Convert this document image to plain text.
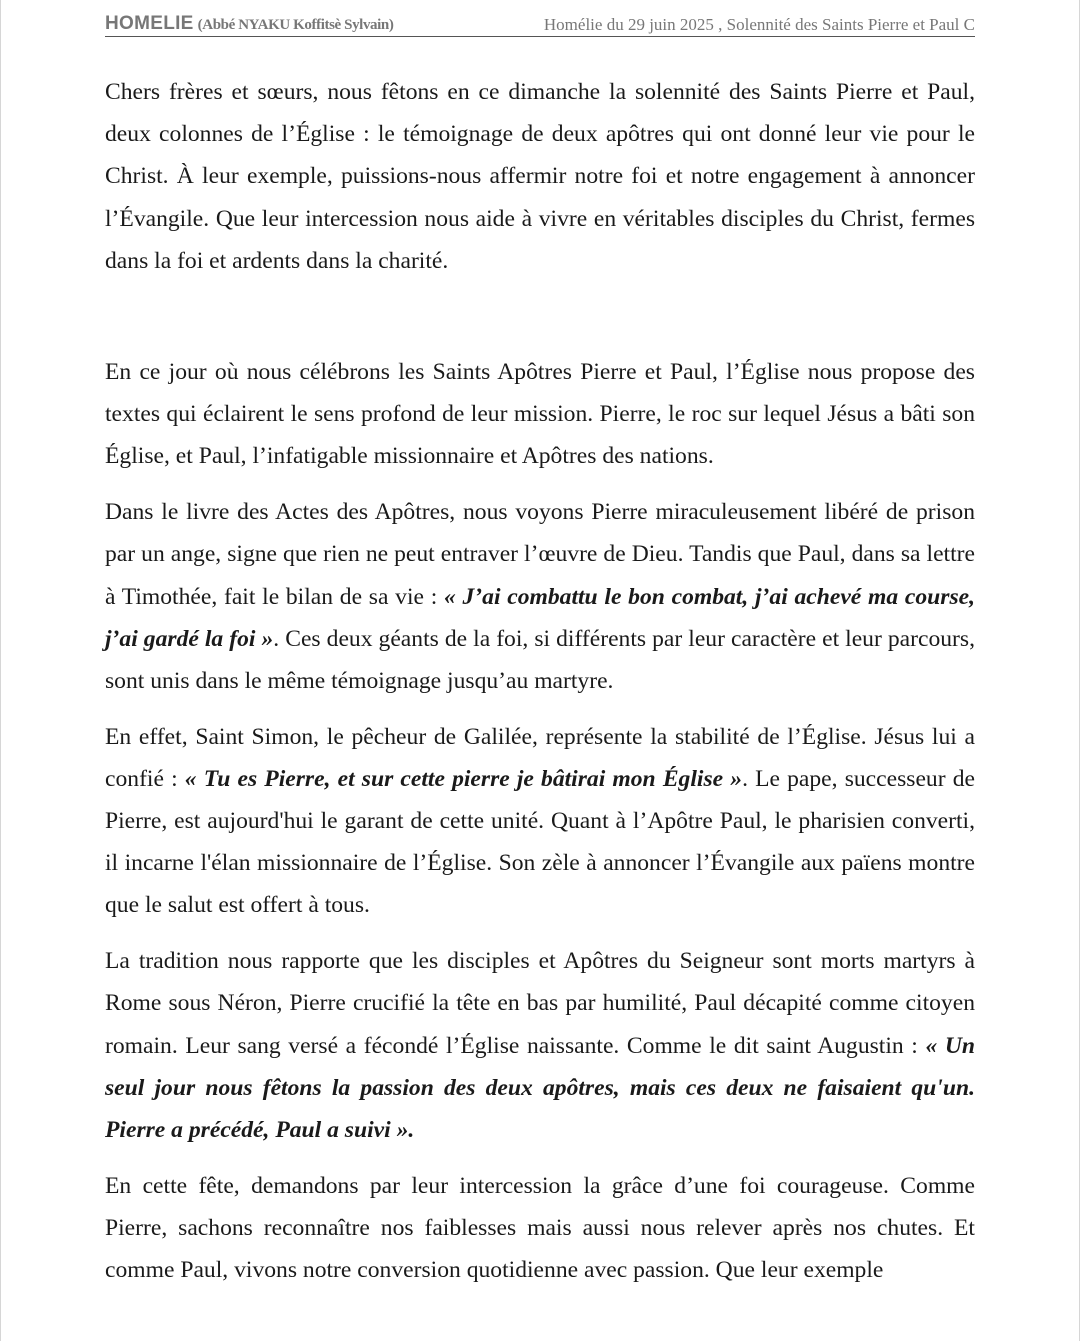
HOMELIE (Abbé NYAKU Koffitsè Sylvain)	Homélie du 29 juin 2025 , Solennité des Saints Pierre et Paul C

Chers frères et sœurs, nous fêtons en ce dimanche la solennité des Saints Pierre et Paul, deux colonnes de l’Église : le témoignage de deux apôtres qui ont donné leur vie pour le Christ. À leur exemple, puissions-nous affermir notre foi et notre engagement à annoncer l’Évangile. Que leur intercession nous aide à vivre en véritables disciples du Christ, fermes dans la foi et ardents dans la charité.

En ce jour où nous célébrons les Saints Apôtres Pierre et Paul, l’Église nous propose des textes qui éclairent le sens profond de leur mission. Pierre, le roc sur lequel Jésus a bâti son Église, et Paul, l’infatigable missionnaire et Apôtres des nations.

Dans le livre des Actes des Apôtres, nous voyons Pierre miraculeusement libéré de prison par un ange, signe que rien ne peut entraver l’œuvre de Dieu. Tandis que Paul, dans sa lettre à Timothée, fait le bilan de sa vie : « J’ai combattu le bon combat, j’ai achevé ma course, j’ai gardé la foi ». Ces deux géants de la foi, si différents par leur caractère et leur parcours, sont unis dans le même témoignage jusqu’au martyre.

En effet, Saint Simon, le pêcheur de Galilée, représente la stabilité de l’Église. Jésus lui a confié : « Tu es Pierre, et sur cette pierre je bâtirai mon Église ». Le pape, successeur de Pierre, est aujourd'hui le garant de cette unité. Quant à l’Apôtre Paul, le pharisien converti, il incarne l'élan missionnaire de l’Église. Son zèle à annoncer l’Évangile aux païens montre que le salut est offert à tous.

La tradition nous rapporte que les disciples et Apôtres du Seigneur sont morts martyrs à Rome sous Néron, Pierre crucifié la tête en bas par humilité, Paul décapité comme citoyen romain. Leur sang versé a fécondé l’Église naissante. Comme le dit saint Augustin : « Un seul jour nous fêtons la passion des deux apôtres, mais ces deux ne faisaient qu'un. Pierre a précédé, Paul a suivi ».

En cette fête, demandons par leur intercession la grâce d’une foi courageuse. Comme Pierre, sachons reconnaître nos faiblesses mais aussi nous relever après nos chutes. Et comme Paul, vivons notre conversion quotidienne avec passion. Que leur exemple
